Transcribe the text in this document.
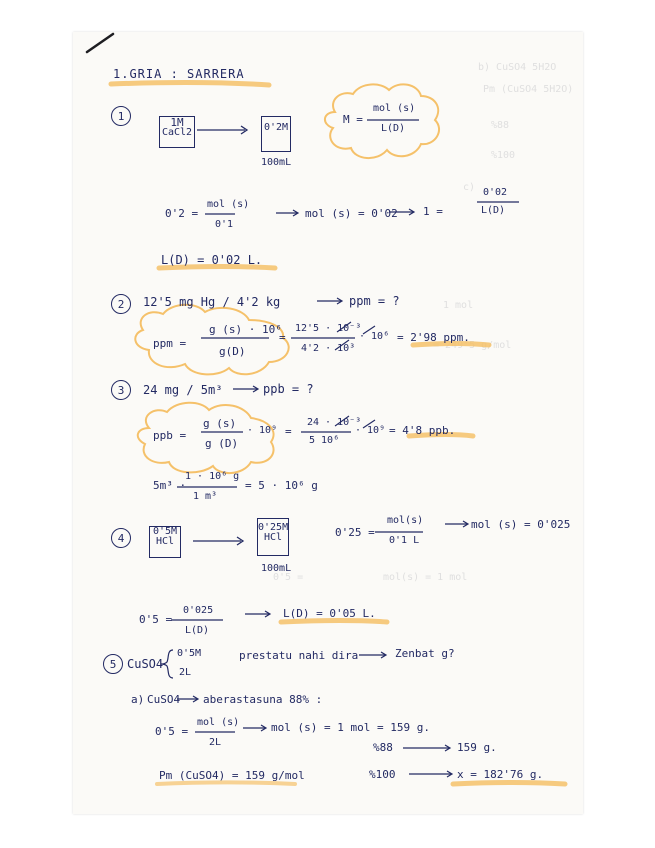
b) CuSO4 5H2O
Pm (CuSO4 5H2O)
%88
%100
c)
0'5 =	mol(s) = 1 mol
1 mol
= 249'5 g/mol
1.GRIA : SARRERA
1	1M
CaCl2	0'2M
100mL
M =
mol (s)
L(D)
0'2 =
mol (s)
0'1
mol (s) = 0'02 1 =
0'02
L(D)
L(D) = 0'02 L.
2 12'5 mg Hg / 4'2 kg	ppm = ?
ppm =
g (s) · 10⁶
g(D)
=
12'5 · 10⁻³
4'2 · 10³
· 10⁶ = 2'98 ppm.
3 24 mg / 5m³	ppb = ?
ppb =
g (s)
g (D)
· 10⁹ =
24 · 10⁻³
5 10⁶
· 10⁹ = 4'8 ppb.
5m³ ·
1 · 10⁶ g
1 m³
= 5 · 10⁶ g
4	0'5M
HCl
0'25M
HCl
100mL
0'25 =
mol(s)
0'1 L
mol (s) = 0'025
0'5 =
0'025
L(D)
L(D) = 0'05 L.
5 CuSO4
0'5M
2L
prestatu nahi dira	Zenbat g?
a) CuSO4 aberastasuna 88% :
0'5 =
mol (s)
2L
mol (s) = 1 mol = 159 g.
%88	159 g.
Pm (CuSO4) = 159 g/mol	%100	x = 182'76 g.
